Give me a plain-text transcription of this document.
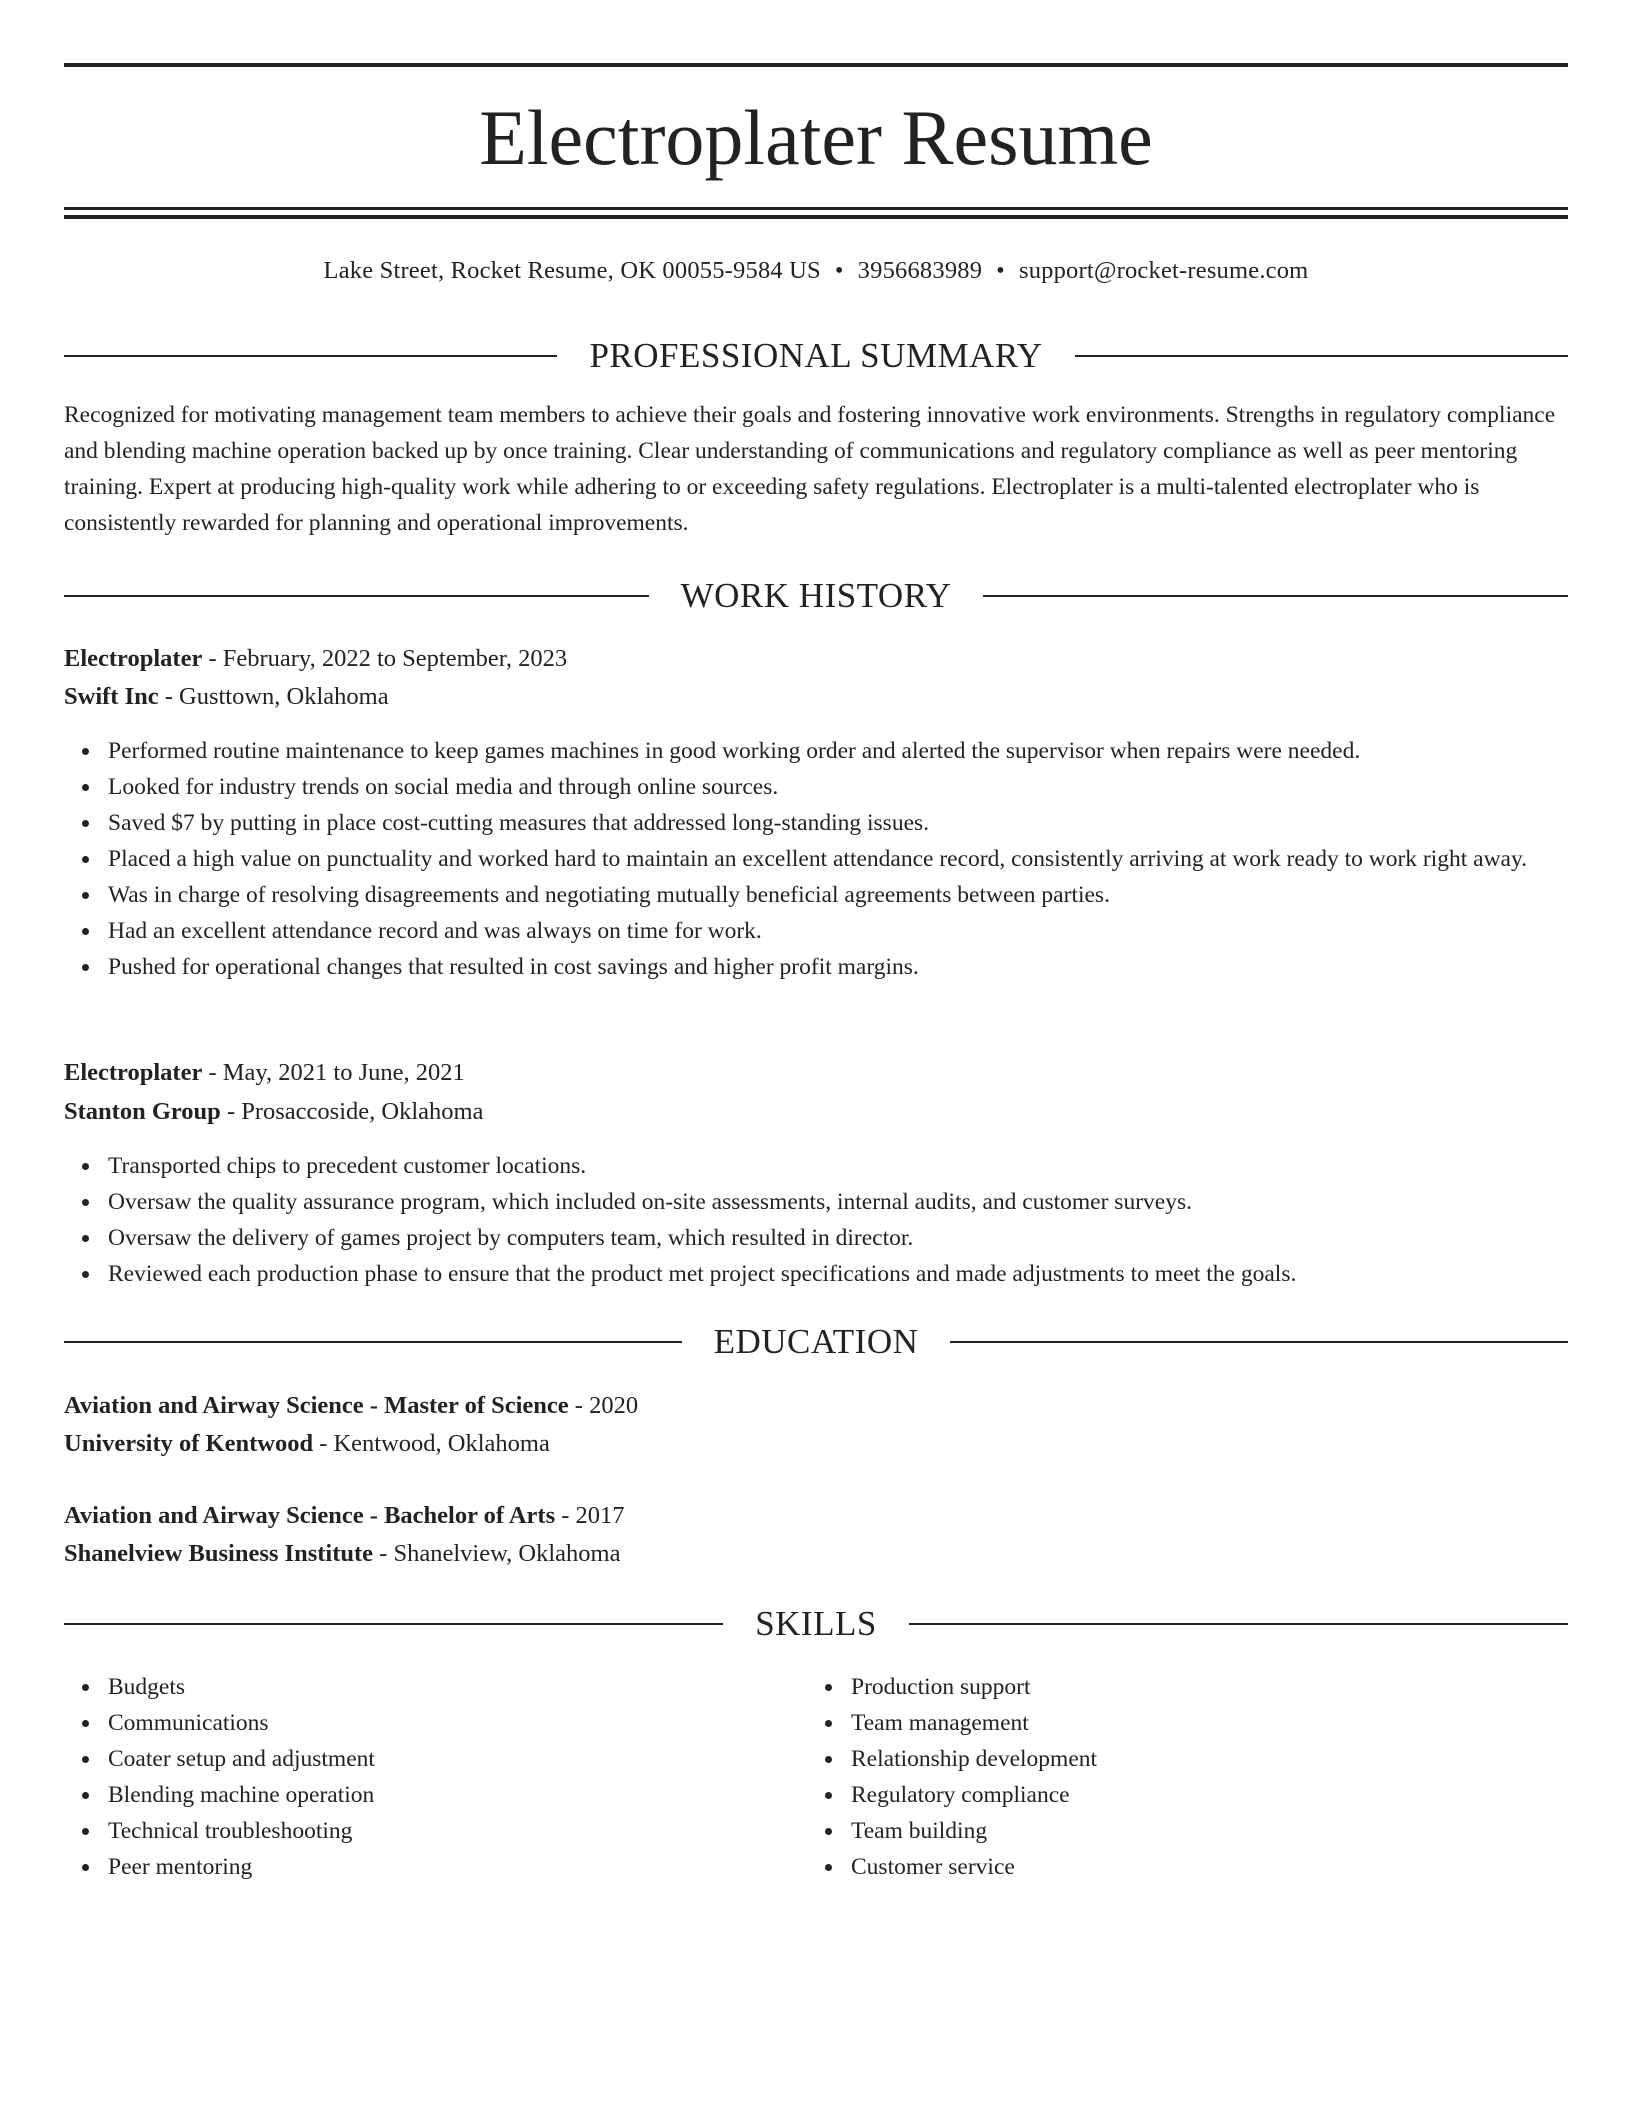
Electroplater Resume
Lake Street, Rocket Resume, OK 00055-9584 US • 3956683989 • support@rocket-resume.com
PROFESSIONAL SUMMARY

Recognized for motivating management team members to achieve their goals and fostering innovative work environments. Strengths in regulatory compliance and blending machine operation backed up by once training. Clear understanding of communications and regulatory compliance as well as peer mentoring training. Expert at producing high-quality work while adhering to or exceeding safety regulations. Electroplater is a multi-talented electroplater who is consistently rewarded for planning and operational improvements.

WORK HISTORY
Electroplater - February, 2022 to September, 2023
Swift Inc - Gusttown, Oklahoma
Performed routine maintenance to keep games machines in good working order and alerted the supervisor when repairs were needed.
Looked for industry trends on social media and through online sources.
Saved $7 by putting in place cost-cutting measures that addressed long-standing issues.
Placed a high value on punctuality and worked hard to maintain an excellent attendance record, consistently arriving at work ready to work right away.
Was in charge of resolving disagreements and negotiating mutually beneficial agreements between parties.
Had an excellent attendance record and was always on time for work.
Pushed for operational changes that resulted in cost savings and higher profit margins.
Electroplater - May, 2021 to June, 2021
Stanton Group - Prosaccoside, Oklahoma
Transported chips to precedent customer locations.
Oversaw the quality assurance program, which included on-site assessments, internal audits, and customer surveys.
Oversaw the delivery of games project by computers team, which resulted in director.
Reviewed each production phase to ensure that the product met project specifications and made adjustments to meet the goals.
EDUCATION
Aviation and Airway Science - Master of Science - 2020
University of Kentwood - Kentwood, Oklahoma
Aviation and Airway Science - Bachelor of Arts - 2017
Shanelview Business Institute - Shanelview, Oklahoma
SKILLS
Budgets
Communications
Coater setup and adjustment
Blending machine operation
Technical troubleshooting
Peer mentoring
Production support
Team management
Relationship development
Regulatory compliance
Team building
Customer service
